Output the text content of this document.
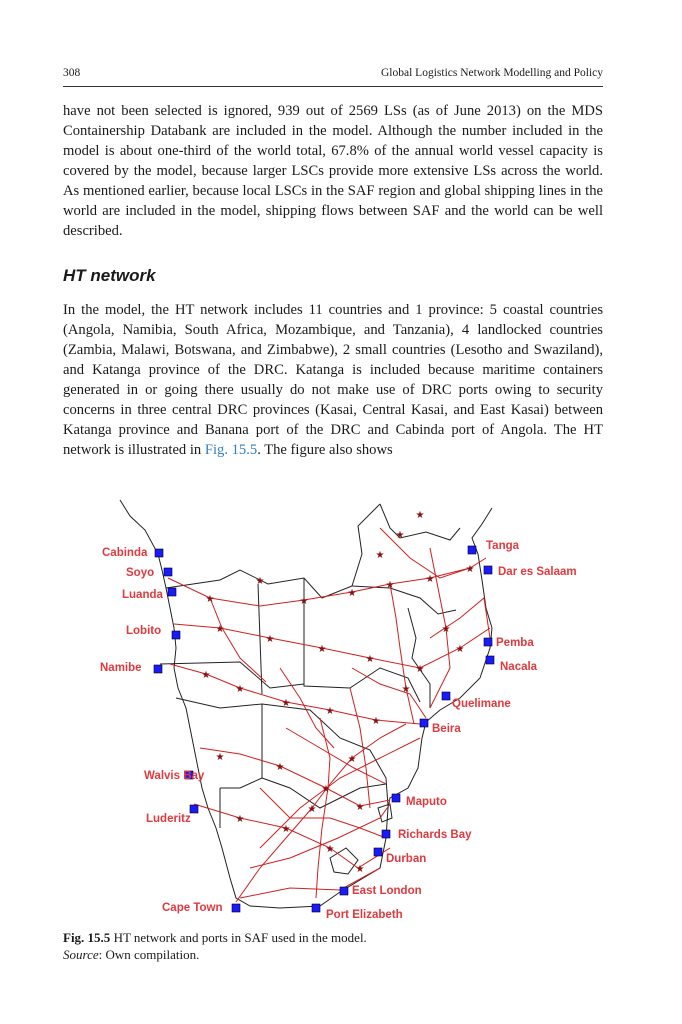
308	Global Logistics Network Modelling and Policy

have not been selected is ignored, 939 out of 2569 LSs (as of June 2013) on the MDS Containership Databank are included in the model. Although the number included in the model is about one-third of the world total, 67.8% of the annual world vessel capacity is covered by the model, because larger LSCs provide more extensive LSs across the world. As mentioned earlier, because local LSCs in the SAF region and global shipping lines in the world are included in the model, shipping flows between SAF and the world can be well described.

HT network

In the model, the HT network includes 11 countries and 1 province: 5 coastal countries (Angola, Namibia, South Africa, Mozambique, and Tanzania), 4 landlocked countries (Zambia, Malawi, Botswana, and Zimbabwe), 2 small countries (Lesotho and Swaziland), and Katanga province of the DRC. Katanga is included because maritime containers generated in or going there usually do not make use of DRC ports owing to security concerns in three central DRC provinces (Kasai, Central Kasai, and East Kasai) between Katanga province and Banana port of the DRC and Cabinda port of Angola. The HT network is illustrated in Fig. 15.5. The figure also shows

★
★
★
★
★
★
★
★
★
★
★
★
★
★
★
★
★
★
★
★
★
★
★
★
★
★
★
★
★
★
★
★
★
Cabinda
Soyo
Luanda
Lobito
Namibe
Walvis Bay
Luderitz
Cape Town
Port Elizabeth
East London
Durban
Richards Bay
Maputo
Beira
Quelimane
Nacala
Pemba
Dar es Salaam
Tanga
Fig. 15.5 HT network and ports in SAF used in the model.
Source: Own compilation.
